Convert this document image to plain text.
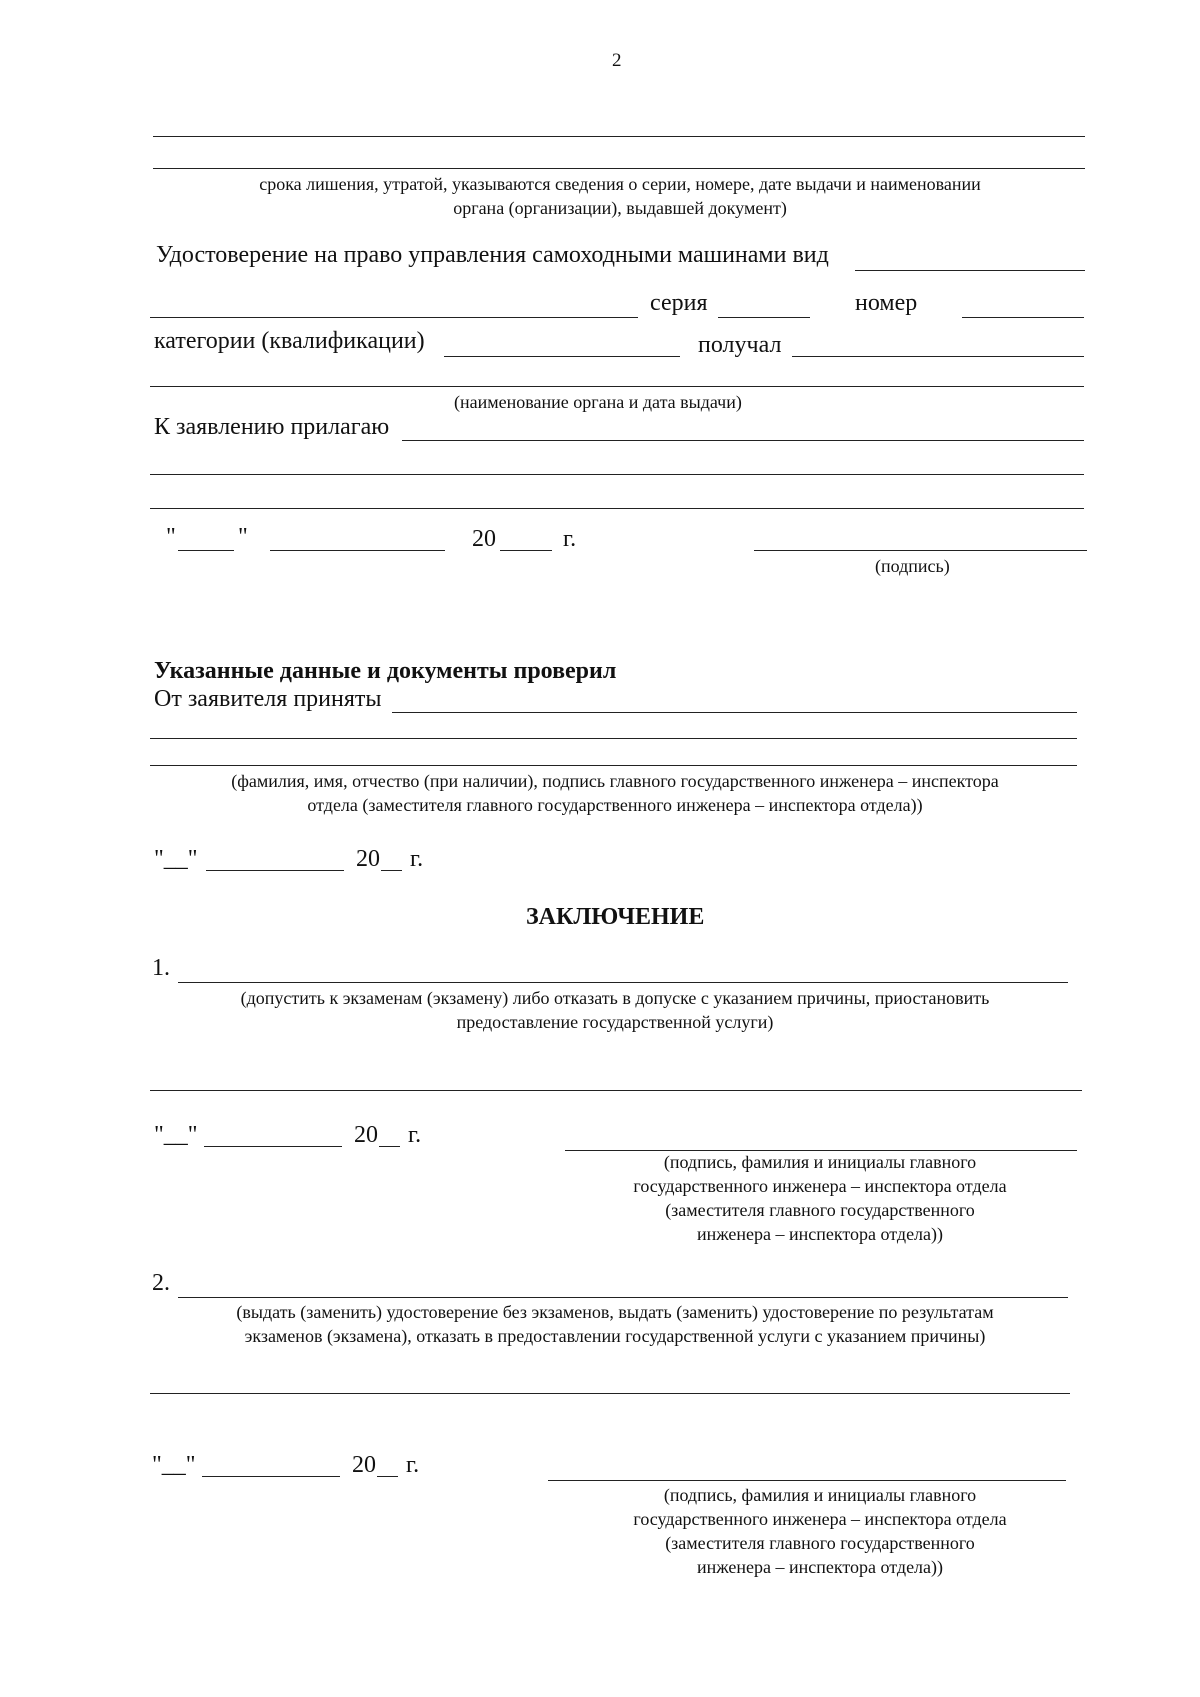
2
срока лишения, утратой, указываются сведения о серии, номере, дате выдачи и наименовании
органа (организации), выдавшей документ)
Удостоверение на право управления самоходными машинами вид
серия	номер
категории (квалификации)	получал
(наименование органа и дата выдачи)
К заявлению прилагаю
"	"	20	г.
(подпись)
Указанные данные и документы проверил
От заявителя приняты
(фамилия, имя, отчество (при наличии), подпись главного государственного инженера – инспектора
отдела (заместителя главного государственного инженера – инспектора отдела))
"__"	20 г.
ЗАКЛЮЧЕНИЕ
1.
(допустить к экзаменам (экзамену) либо отказать в допуске с указанием причины, приостановить
предоставление государственной услуги)
"__"	20 г.
(подпись, фамилия и инициалы главного
государственного инженера – инспектора отдела
(заместителя главного государственного
инженера – инспектора отдела))
2.
(выдать (заменить) удостоверение без экзаменов, выдать (заменить) удостоверение по результатам
экзаменов (экзамена), отказать в предоставлении государственной услуги с указанием причины)
"__"	20 г.
(подпись, фамилия и инициалы главного
государственного инженера – инспектора отдела
(заместителя главного государственного
инженера – инспектора отдела))
